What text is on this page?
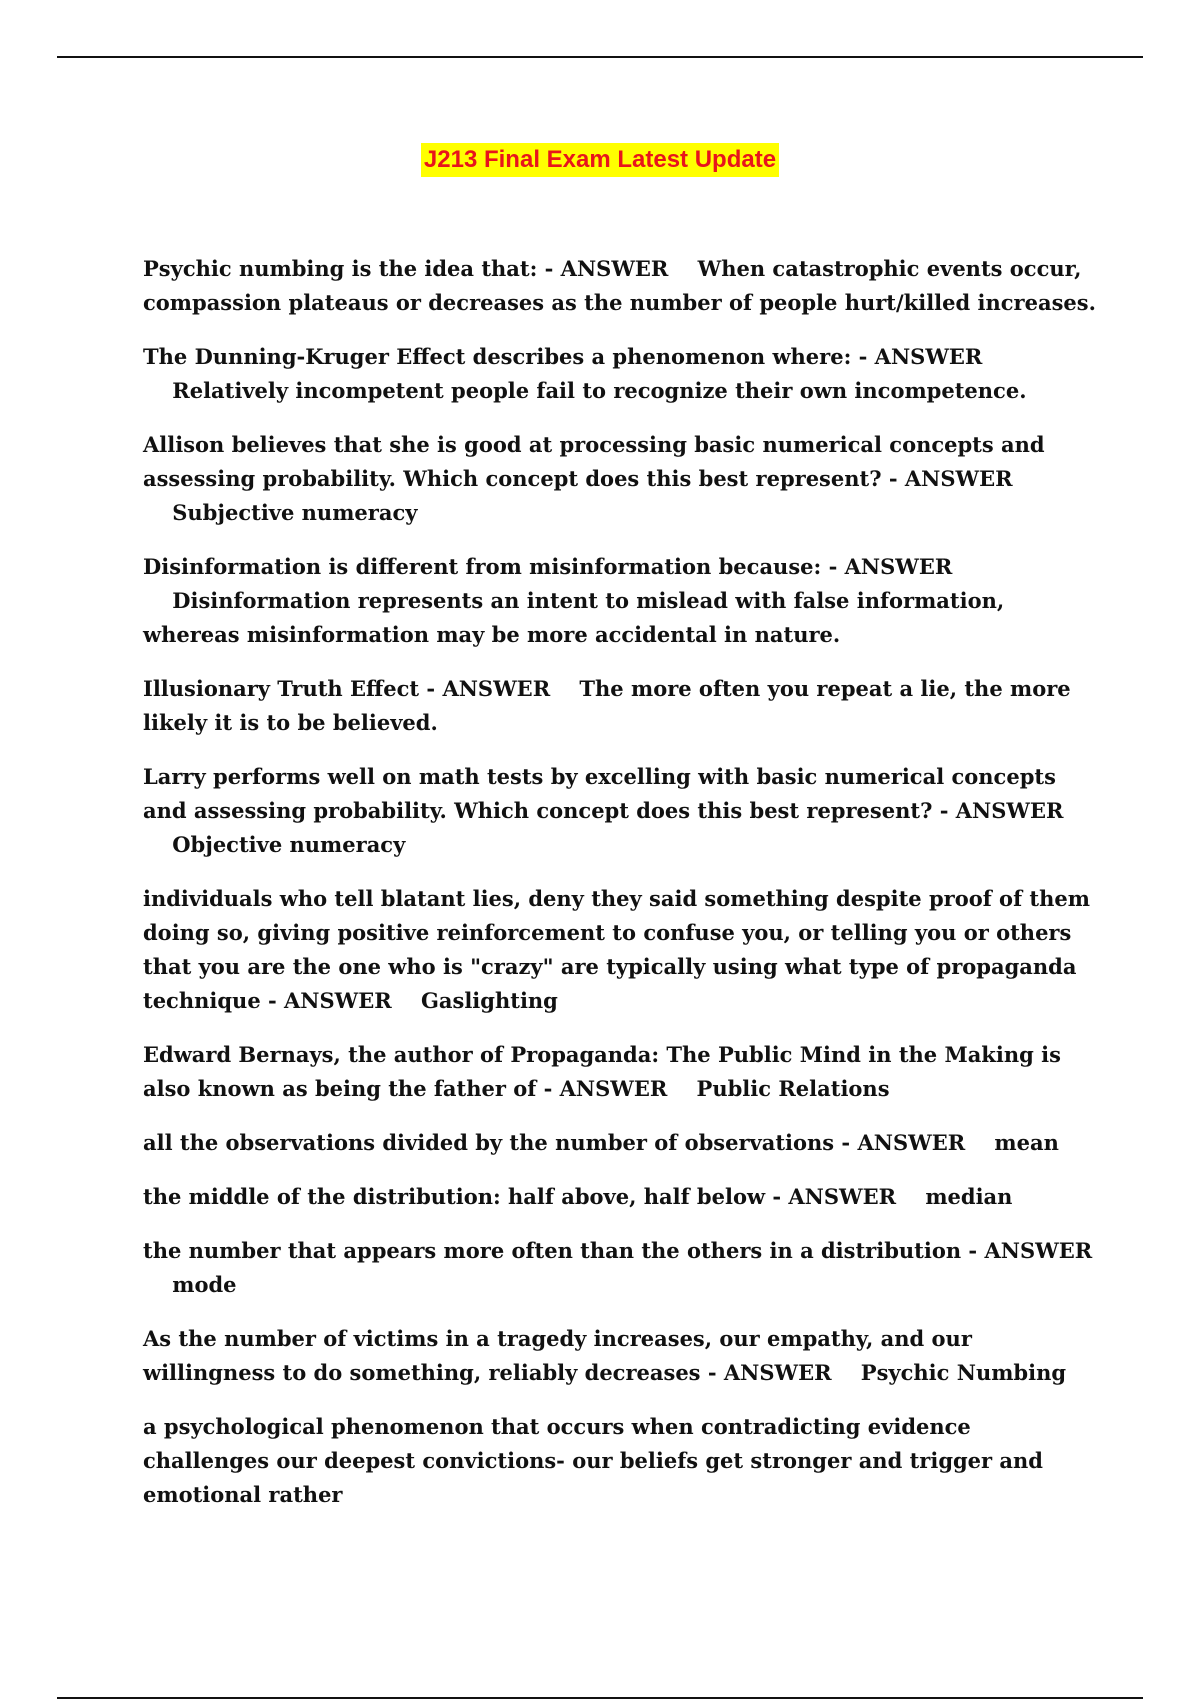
J213 Final Exam Latest Update
Psychic numbing is the idea that: - ANSWER When catastrophic events occur, compassion plateaus or decreases as the number of people hurt/killed increases.
The Dunning-Kruger Effect describes a phenomenon where: - ANSWER    Relatively incompetent people fail to recognize their own incompetence.
Allison believes that she is good at processing basic numerical concepts and assessing probability. Which concept does this best represent? - ANSWER    Subjective numeracy
Disinformation is different from misinformation because: - ANSWER    Disinformation represents an intent to mislead with false information, whereas misinformation may be more accidental in nature.
Illusionary Truth Effect - ANSWER The more often you repeat a lie, the more likely it is to be believed.
Larry performs well on math tests by excelling with basic numerical concepts and assessing probability. Which concept does this best represent? - ANSWER    Objective numeracy
individuals who tell blatant lies, deny they said something despite proof of them doing so, giving positive reinforcement to confuse you, or telling you or others that you are the one who is "crazy" are typically using what type of propaganda technique - ANSWER Gaslighting
Edward Bernays, the author of Propaganda: The Public Mind in the Making is also known as being the father of - ANSWER Public Relations
all the observations divided by the number of observations - ANSWER mean
the middle of the distribution: half above, half below - ANSWER median
the number that appears more often than the others in a distribution - ANSWER    mode
As the number of victims in a tragedy increases, our empathy, and our willingness to do something, reliably decreases - ANSWER Psychic Numbing
a psychological phenomenon that occurs when contradicting evidence challenges our deepest convictions- our beliefs get stronger and trigger and emotional rather
